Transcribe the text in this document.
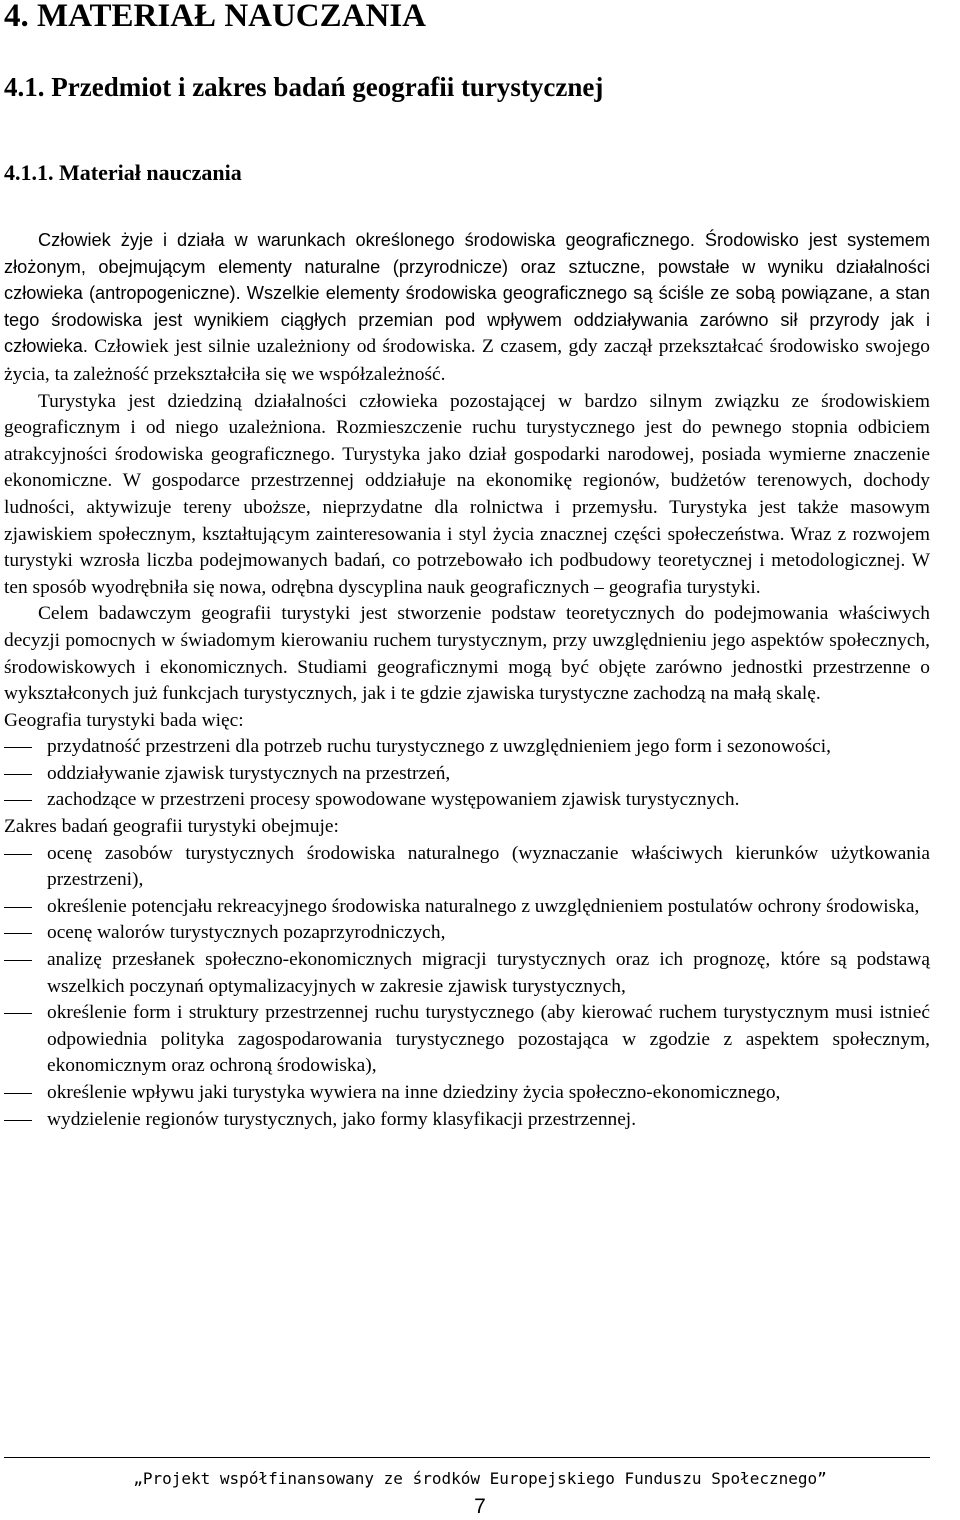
4. MATERIAŁ NAUCZANIA
4.1. Przedmiot i zakres badań geografii turystycznej
4.1.1. Materiał nauczania

Człowiek żyje i działa w warunkach określonego środowiska geograficznego. Środowisko jest systemem złożonym, obejmującym elementy naturalne (przyrodnicze) oraz sztuczne, powstałe w wyniku działalności człowieka (antropogeniczne). Wszelkie elementy środowiska geograficznego są ściśle ze sobą powiązane, a stan tego środowiska jest wynikiem ciągłych przemian pod wpływem oddziaływania zarówno sił przyrody jak i człowieka. Człowiek jest silnie uzależniony od środowiska. Z czasem, gdy zaczął przekształcać środowisko swojego życia, ta zależność przekształciła się we współzależność.

Turystyka jest dziedziną działalności człowieka pozostającej w bardzo silnym związku ze środowiskiem geograficznym i od niego uzależniona. Rozmieszczenie ruchu turystycznego jest do pewnego stopnia odbiciem atrakcyjności środowiska geograficznego. Turystyka jako dział gospodarki narodowej, posiada wymierne znaczenie ekonomiczne. W gospodarce przestrzennej oddziałuje na ekonomikę regionów, budżetów terenowych, dochody ludności, aktywizuje tereny uboższe, nieprzydatne dla rolnictwa i przemysłu. Turystyka jest także masowym zjawiskiem społecznym, kształtującym zainteresowania i styl życia znacznej części społeczeństwa. Wraz z rozwojem turystyki wzrosła liczba podejmowanych badań, co potrzebowało ich podbudowy teoretycznej i metodologicznej. W ten sposób wyodrębniła się nowa, odrębna dyscyplina nauk geograficznych – geografia turystyki.

Celem badawczym geografii turystyki jest stworzenie podstaw teoretycznych do podejmowania właściwych decyzji pomocnych w świadomym kierowaniu ruchem turystycznym, przy uwzględnieniu jego aspektów społecznych, środowiskowych i ekonomicznych. Studiami geograficznymi mogą być objęte zarówno jednostki przestrzenne o wykształconych już funkcjach turystycznych, jak i te gdzie zjawiska turystyczne zachodzą na małą skalę.

Geografia turystyki bada więc:

przydatność przestrzeni dla potrzeb ruchu turystycznego z uwzględnieniem jego form i sezonowości,
oddziaływanie zjawisk turystycznych na przestrzeń,
zachodzące w przestrzeni procesy spowodowane występowaniem zjawisk turystycznych.

Zakres badań geografii turystyki obejmuje:

ocenę zasobów turystycznych środowiska naturalnego (wyznaczanie właściwych kierunków użytkowania przestrzeni),
określenie potencjału rekreacyjnego środowiska naturalnego z uwzględnieniem postulatów ochrony środowiska,
ocenę walorów turystycznych pozaprzyrodniczych,
analizę przesłanek społeczno-ekonomicznych migracji turystycznych oraz ich prognozę, które są podstawą wszelkich poczynań optymalizacyjnych w zakresie zjawisk turystycznych,
określenie form i struktury przestrzennej ruchu turystycznego (aby kierować ruchem turystycznym musi istnieć odpowiednia polityka zagospodarowania turystycznego pozostająca w zgodzie z aspektem społecznym, ekonomicznym oraz ochroną środowiska),
określenie wpływu jaki turystyka wywiera na inne dziedziny życia społeczno-ekonomicznego,
wydzielenie regionów turystycznych, jako formy klasyfikacji przestrzennej.
„Projekt współfinansowany ze środków Europejskiego Funduszu Społecznego”
7
